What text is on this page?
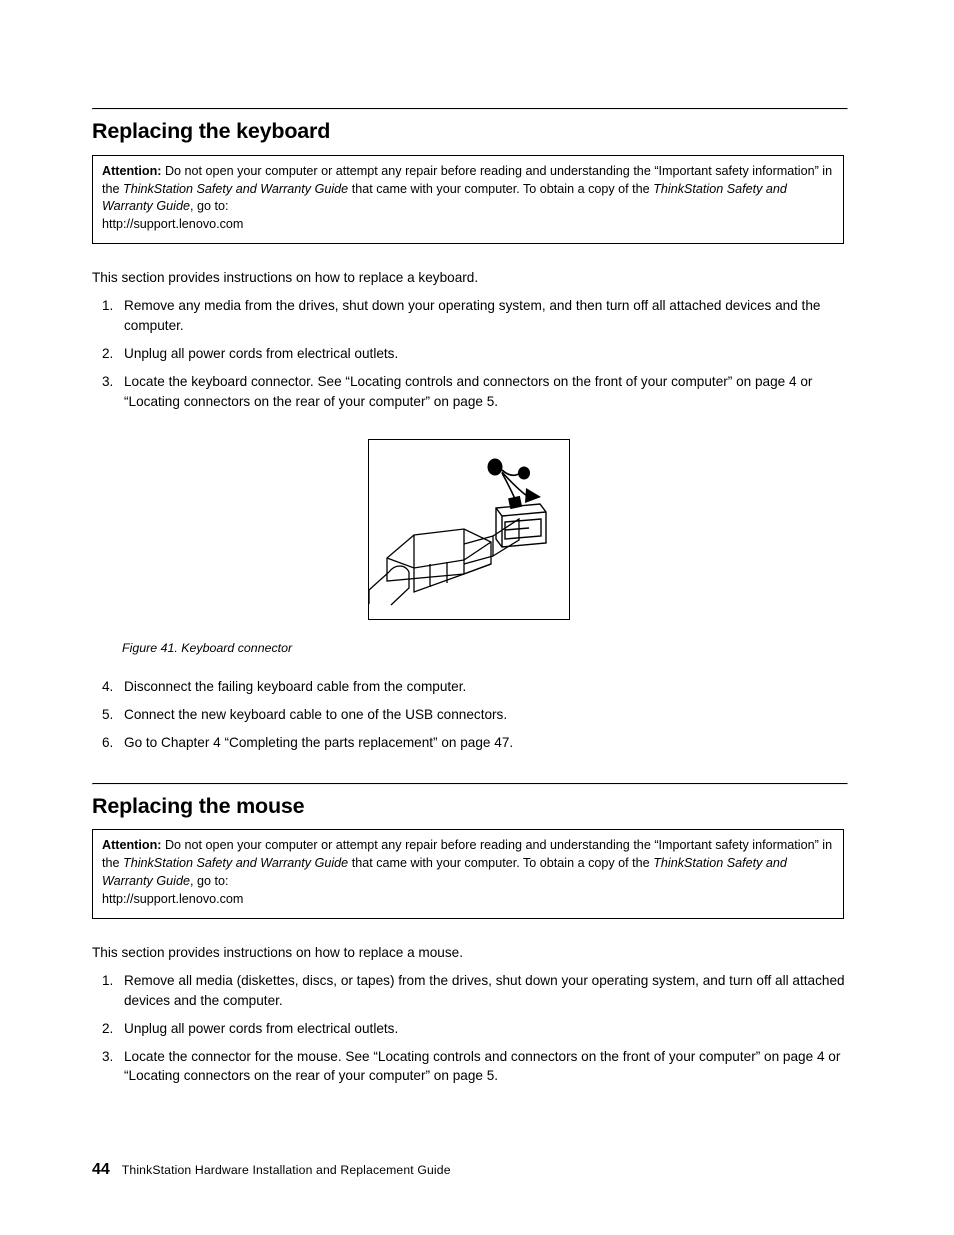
Replacing the keyboard

Attention: Do not open your computer or attempt any repair before reading and understanding the “Important safety information” in the ThinkStation Safety and Warranty Guide that came with your computer. To obtain a copy of the ThinkStation Safety and Warranty Guide, go to:

http://support.lenovo.com

This section provides instructions on how to replace a keyboard.

1. Remove any media from the drives, shut down your operating system, and then turn off all attached devices and the computer.
2. Unplug all power cords from electrical outlets.
3. Locate the keyboard connector. See “Locating controls and connectors on the front of your computer” on page 4 or “Locating connectors on the rear of your computer” on page 5.

Figure 41. Keyboard connector

4. Disconnect the failing keyboard cable from the computer.
5. Connect the new keyboard cable to one of the USB connectors.
6. Go to Chapter 4 “Completing the parts replacement” on page 47.
Replacing the mouse

Attention: Do not open your computer or attempt any repair before reading and understanding the “Important safety information” in the ThinkStation Safety and Warranty Guide that came with your computer. To obtain a copy of the ThinkStation Safety and Warranty Guide, go to:

http://support.lenovo.com

This section provides instructions on how to replace a mouse.

1. Remove all media (diskettes, discs, or tapes) from the drives, shut down your operating system, and turn off all attached devices and the computer.
2. Unplug all power cords from electrical outlets.
3. Locate the connector for the mouse. See “Locating controls and connectors on the front of your computer” on page 4 or “Locating connectors on the rear of your computer” on page 5.
44 ThinkStation Hardware Installation and Replacement Guide
